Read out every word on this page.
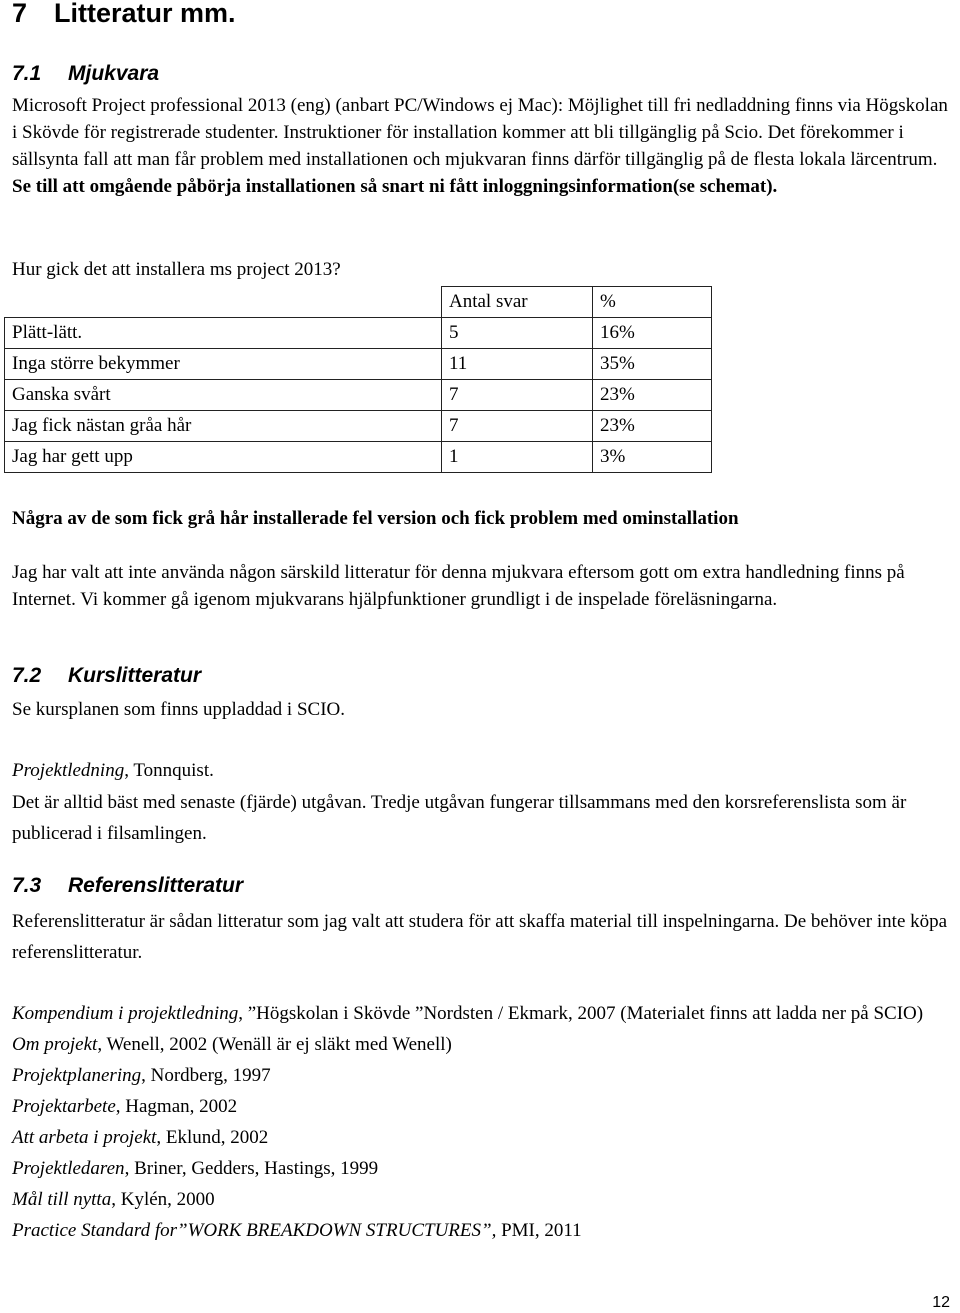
7 Litteratur mm.
7.1 Mjukvara

Microsoft Project professional 2013 (eng) (anbart PC/Windows ej Mac): Möjlighet till fri nedladdning finns via Högskolan i Skövde för registrerade studenter. Instruktioner för installation kommer att bli tillgänglig på Scio. Det förekommer i sällsynta fall att man får problem med installationen och mjukvaran finns därför tillgänglig på de flesta lokala lärcentrum. Se till att omgående påbörja installationen så snart ni fått inloggningsinformation(se schemat).

Hur gick det att installera ms project 2013?

	Antal svar	%
Plätt-lätt.	5	16%
Inga större bekymmer	11	35%
Ganska svårt	7	23%
Jag fick nästan gråa hår	7	23%
Jag har gett upp	1	3%

Några av de som fick grå hår installerade fel version och fick problem med ominstallation

Jag har valt att inte använda någon särskild litteratur för denna mjukvara eftersom gott om extra handledning finns på Internet. Vi kommer gå igenom mjukvarans hjälpfunktioner grundligt i de inspelade föreläsningarna.

7.2 Kurslitteratur

Se kursplanen som finns uppladdad i SCIO.

Projektledning, Tonnquist.

Det är alltid bäst med senaste (fjärde) utgåvan. Tredje utgåvan fungerar tillsammans med den korsreferenslista som är publicerad i filsamlingen.

7.3 Referenslitteratur

Referenslitteratur är sådan litteratur som jag valt att studera för att skaffa material till inspelningarna. De behöver inte köpa referenslitteratur.

Kompendium i projektledning, ”Högskolan i Skövde ”Nordsten / Ekmark, 2007 (Materialet finns att ladda ner på SCIO)
Om projekt, Wenell, 2002 (Wenäll är ej släkt med Wenell)
Projektplanering, Nordberg, 1997
Projektarbete, Hagman, 2002
Att arbeta i projekt, Eklund, 2002
Projektledaren, Briner, Gedders, Hastings, 1999
Mål till nytta, Kylén, 2000
Practice Standard for”WORK BREAKDOWN STRUCTURES”, PMI, 2011
12
